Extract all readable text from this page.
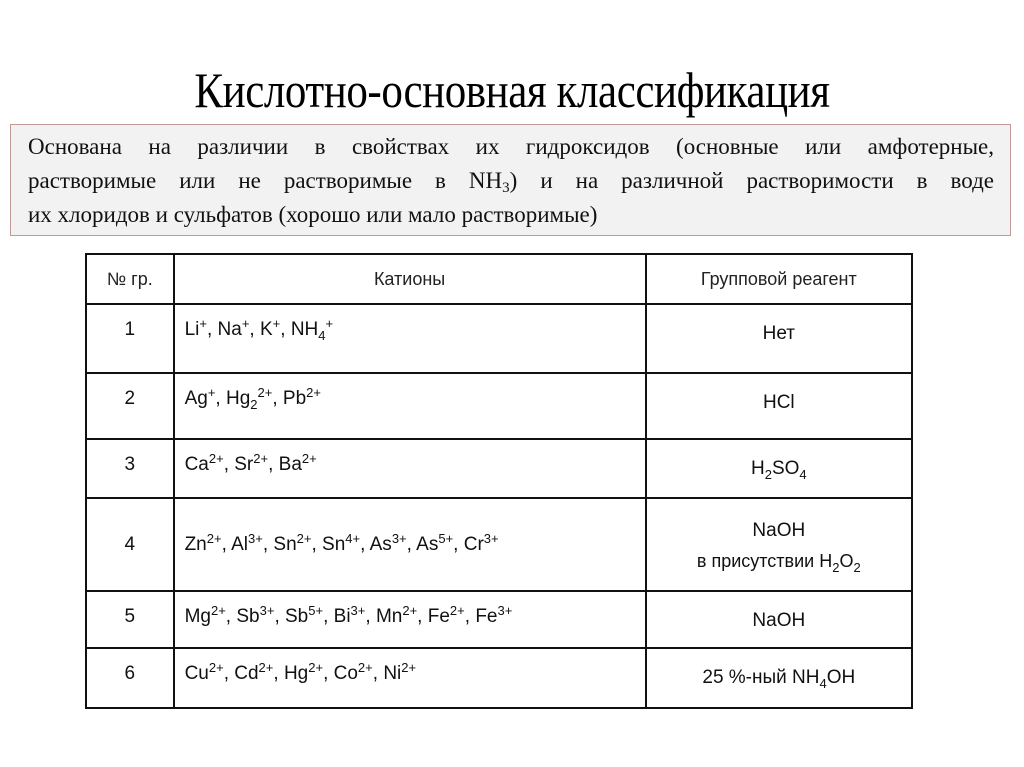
Кислотно-основная классификация
Основана на различии в свойствах их гидроксидов (основные или амфотерные,
растворимые или не растворимые в $NH_3$) и на различной растворимости в воде
их хлоридов и сульфатов (хорошо или мало растворимые)
№ гр.	Катионы	Групповой реагент
1	Li+, Na+, K+, $NH_4^+$	Нет

2	Ag+, $Hg_2^{2+}$, $Pb^{2+}$	HCl

3	$Ca^{2+}$, $Sr^{2+}$, $Ba^{2+}$	$H_2SO_4$

4	$Zn^{2+}$, $Al^{3+}$, $Sn^{2+}$, $Sn^{4+}$, $As^{3+}$, $As^{5+}$, $Cr^{3+}$	NaOH
в присутствии $H_2O_2$

5	$Mg^{2+}$, $Sb^{3+}$, $Sb^{5+}$, $Bi^{3+}$, $Mn^{2+}$, $Fe^{2+}$, $Fe^{3+}$	NaOH

6	$Cu^{2+}$, $Cd^{2+}$, $Hg^{2+}$, $Co^{2+}$, $Ni^{2+}$	25 %-ный $NH_4OH$
